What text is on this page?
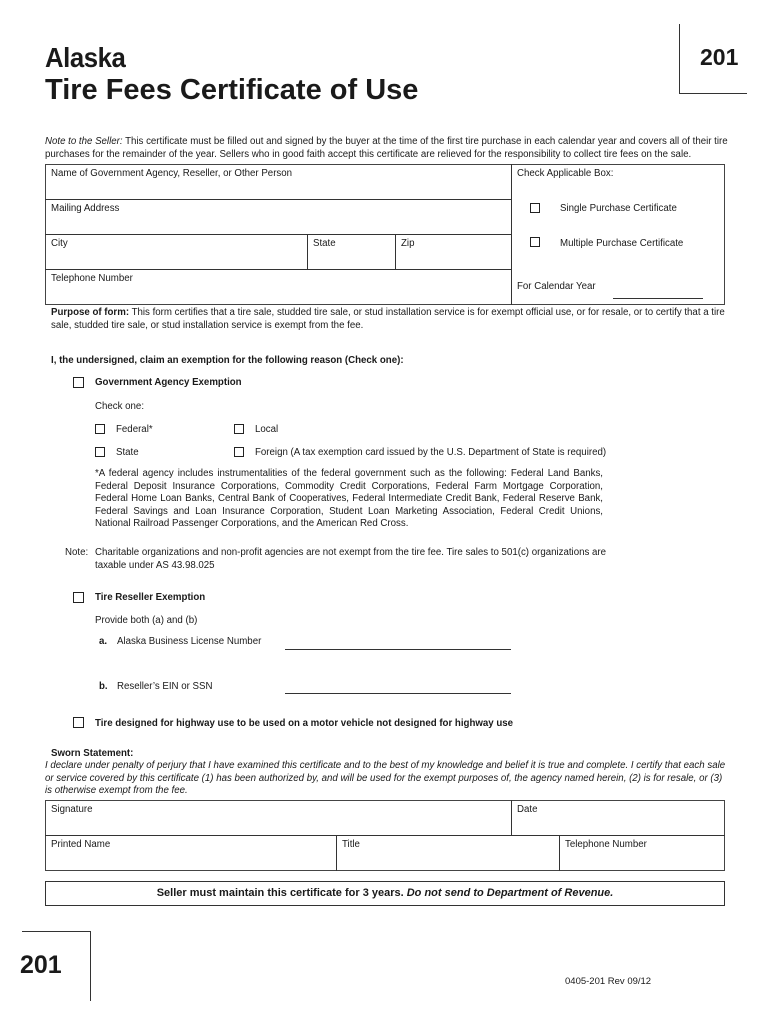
Alaska
Tire Fees Certificate of Use
201
Note to the Seller: This certificate must be filled out and signed by the buyer at the time of the first tire purchase in each calendar year and covers all of their tire purchases for the remainder of the year. Sellers who in good faith accept this certificate are relieved for the responsibility to collect tire fees on the sale.
Name of Government Agency, Reseller, or Other Person
Mailing Address
City	State	Zip
Telephone Number
Check Applicable Box:
Single Purchase Certificate
Multiple Purchase Certificate
For Calendar Year
Purpose of form: This form certifies that a tire sale, studded tire sale, or stud installation service is for exempt official use, or for resale, or to certify that a tire sale, studded tire sale, or stud installation service is exempt from the fee.
I, the undersigned, claim an exemption for the following reason (Check one):
Government Agency Exemption
Check one:
Federal*	Local
State	Foreign (A tax exemption card issued by the U.S. Department of State is required)
*A federal agency includes instrumentalities of the federal government such as the following: Federal Land Banks, Federal Deposit Insurance Corporations, Commodity Credit Corporations, Federal Farm Mortgage Corporation, Federal Home Loan Banks, Central Bank of Cooperatives, Federal Intermediate Credit Bank, Federal Reserve Bank, Federal Savings and Loan Insurance Corporation, Student Loan Marketing Association, Federal Credit Unions, National Railroad Passenger Corporations, and the American Red Cross.
Note: Charitable organizations and non-profit agencies are not exempt from the tire fee. Tire sales to 501(c) organizations are taxable under AS 43.98.025
Tire Reseller Exemption
Provide both (a) and (b)
a. Alaska Business License Number
b. Reseller’s EIN or SSN
Tire designed for highway use to be used on a motor vehicle not designed for highway use
Sworn Statement:
I declare under penalty of perjury that I have examined this certificate and to the best of my knowledge and belief it is true and complete. I certify that each sale or service covered by this certificate (1) has been authorized by, and will be used for the exempt purposes of, the agency named herein, (2) is for resale, or (3) is otherwise exempt from the fee.
Signature	Date
Printed Name	Title	Telephone Number
Seller must maintain this certificate for 3 years. Do not send to Department of Revenue.
201
0405-201 Rev 09/12
